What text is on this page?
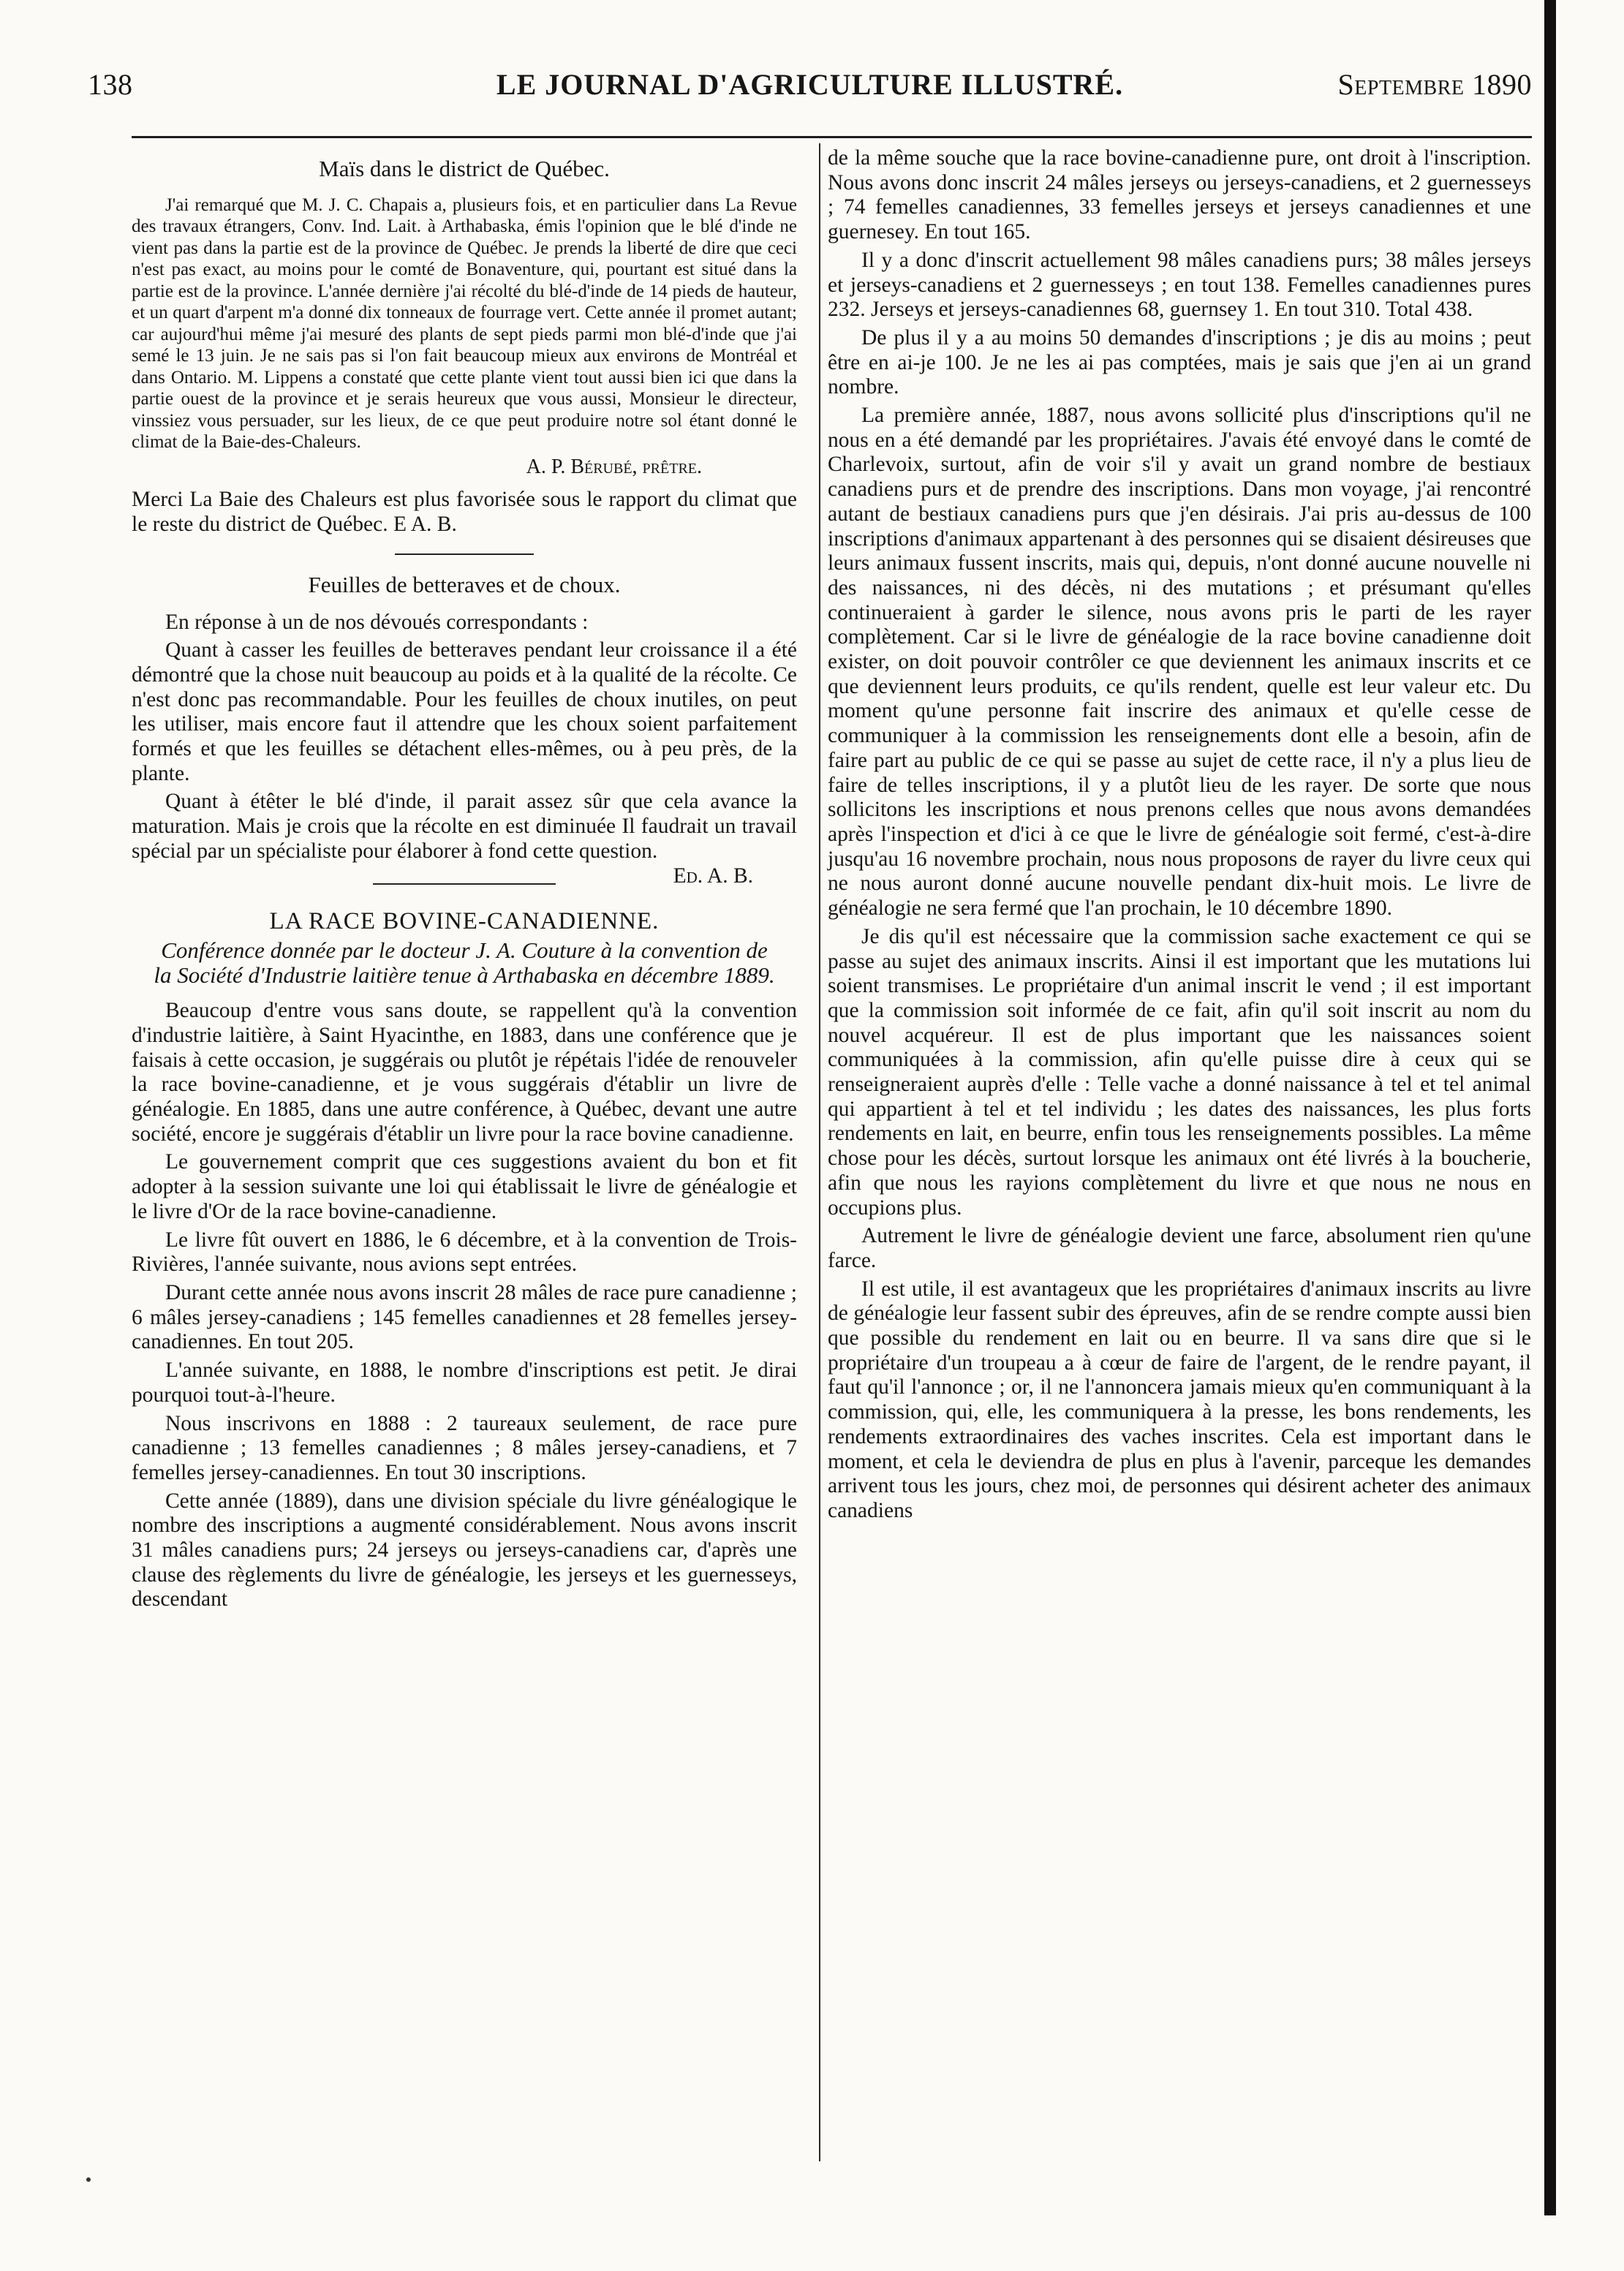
138	LE JOURNAL D'AGRICULTURE ILLUSTRÉ.	Septembre 1890
Maïs dans le district de Québec.

J'ai remarqué que M. J. C. Chapais a, plusieurs fois, et en particulier dans La Revue des travaux étrangers, Conv. Ind. Lait. à Arthabaska, émis l'opinion que le blé d'inde ne vient pas dans la partie est de la province de Québec. Je prends la liberté de dire que ceci n'est pas exact, au moins pour le comté de Bonaventure, qui, pourtant est situé dans la partie est de la province. L'année dernière j'ai récolté du blé-d'inde de 14 pieds de hauteur, et un quart d'arpent m'a donné dix tonneaux de fourrage vert. Cette année il promet autant; car aujourd'hui même j'ai mesuré des plants de sept pieds parmi mon blé-d'inde que j'ai semé le 13 juin. Je ne sais pas si l'on fait beaucoup mieux aux environs de Montréal et dans Ontario. M. Lippens a constaté que cette plante vient tout aussi bien ici que dans la partie ouest de la province et je serais heureux que vous aussi, Monsieur le directeur, vinssiez vous persuader, sur les lieux, de ce que peut produire notre sol étant donné le climat de la Baie-des-Chaleurs.

A. P. Bérubé, prêtre.

Merci La Baie des Chaleurs est plus favorisée sous le rapport du climat que le reste du district de Québec. E A. B.

Feuilles de betteraves et de choux.

En réponse à un de nos dévoués correspondants :

Quant à casser les feuilles de betteraves pendant leur croissance il a été démontré que la chose nuit beaucoup au poids et à la qualité de la récolte. Ce n'est donc pas recommandable. Pour les feuilles de choux inutiles, on peut les utiliser, mais encore faut il attendre que les choux soient parfaitement formés et que les feuilles se détachent elles-mêmes, ou à peu près, de la plante.

Quant à étêter le blé d'inde, il parait assez sûr que cela avance la maturation. Mais je crois que la récolte en est diminuée Il faudrait un travail spécial par un spécialiste pour élaborer à fond cette question.
Ed. A. B.

LA RACE BOVINE-CANADIENNE.
Conférence donnée par le docteur J. A. Couture à la convention de la Société d'Industrie laitière tenue à Arthabaska en décembre 1889.

Beaucoup d'entre vous sans doute, se rappellent qu'à la convention d'industrie laitière, à Saint Hyacinthe, en 1883, dans une conférence que je faisais à cette occasion, je suggérais ou plutôt je répétais l'idée de renouveler la race bovine-canadienne, et je vous suggérais d'établir un livre de généalogie. En 1885, dans une autre conférence, à Québec, devant une autre société, encore je suggérais d'établir un livre pour la race bovine canadienne.

Le gouvernement comprit que ces suggestions avaient du bon et fit adopter à la session suivante une loi qui établissait le livre de généalogie et le livre d'Or de la race bovine-canadienne.

Le livre fût ouvert en 1886, le 6 décembre, et à la convention de Trois-Rivières, l'année suivante, nous avions sept entrées.

Durant cette année nous avons inscrit 28 mâles de race pure canadienne ; 6 mâles jersey-canadiens ; 145 femelles canadiennes et 28 femelles jersey-canadiennes. En tout 205.

L'année suivante, en 1888, le nombre d'inscriptions est petit. Je dirai pourquoi tout-à-l'heure.

Nous inscrivons en 1888 : 2 taureaux seulement, de race pure canadienne ; 13 femelles canadiennes ; 8 mâles jersey-canadiens, et 7 femelles jersey-canadiennes. En tout 30 inscriptions.

Cette année (1889), dans une division spéciale du livre généalogique le nombre des inscriptions a augmenté considérablement. Nous avons inscrit 31 mâles canadiens purs; 24 jerseys ou jerseys-canadiens car, d'après une clause des règlements du livre de généalogie, les jerseys et les guernesseys, descendant

de la même souche que la race bovine-canadienne pure, ont droit à l'inscription. Nous avons donc inscrit 24 mâles jerseys ou jerseys-canadiens, et 2 guernesseys ; 74 femelles canadiennes, 33 femelles jerseys et jerseys canadiennes et une guernesey. En tout 165.

Il y a donc d'inscrit actuellement 98 mâles canadiens purs; 38 mâles jerseys et jerseys-canadiens et 2 guernesseys ; en tout 138. Femelles canadiennes pures 232. Jerseys et jerseys-canadiennes 68, guernsey 1. En tout 310. Total 438.

De plus il y a au moins 50 demandes d'inscriptions ; je dis au moins ; peut être en ai-je 100. Je ne les ai pas comptées, mais je sais que j'en ai un grand nombre.

La première année, 1887, nous avons sollicité plus d'inscriptions qu'il ne nous en a été demandé par les propriétaires. J'avais été envoyé dans le comté de Charlevoix, surtout, afin de voir s'il y avait un grand nombre de bestiaux canadiens purs et de prendre des inscriptions. Dans mon voyage, j'ai rencontré autant de bestiaux canadiens purs que j'en désirais. J'ai pris au-dessus de 100 inscriptions d'animaux appartenant à des personnes qui se disaient désireuses que leurs animaux fussent inscrits, mais qui, depuis, n'ont donné aucune nouvelle ni des naissances, ni des décès, ni des mutations ; et présumant qu'elles continueraient à garder le silence, nous avons pris le parti de les rayer complètement. Car si le livre de généalogie de la race bovine canadienne doit exister, on doit pouvoir contrôler ce que deviennent les animaux inscrits et ce que deviennent leurs produits, ce qu'ils rendent, quelle est leur valeur etc. Du moment qu'une personne fait inscrire des animaux et qu'elle cesse de communiquer à la commission les renseignements dont elle a besoin, afin de faire part au public de ce qui se passe au sujet de cette race, il n'y a plus lieu de faire de telles inscriptions, il y a plutôt lieu de les rayer. De sorte que nous sollicitons les inscriptions et nous prenons celles que nous avons demandées après l'inspection et d'ici à ce que le livre de généalogie soit fermé, c'est-à-dire jusqu'au 16 novembre prochain, nous nous proposons de rayer du livre ceux qui ne nous auront donné aucune nouvelle pendant dix-huit mois. Le livre de généalogie ne sera fermé que l'an prochain, le 10 décembre 1890.

Je dis qu'il est nécessaire que la commission sache exactement ce qui se passe au sujet des animaux inscrits. Ainsi il est important que les mutations lui soient transmises. Le propriétaire d'un animal inscrit le vend ; il est important que la commission soit informée de ce fait, afin qu'il soit inscrit au nom du nouvel acquéreur. Il est de plus important que les naissances soient communiquées à la commission, afin qu'elle puisse dire à ceux qui se renseigneraient auprès d'elle : Telle vache a donné naissance à tel et tel animal qui appartient à tel et tel individu ; les dates des naissances, les plus forts rendements en lait, en beurre, enfin tous les renseignements possibles. La même chose pour les décès, surtout lorsque les animaux ont été livrés à la boucherie, afin que nous les rayions complètement du livre et que nous ne nous en occupions plus.

Autrement le livre de généalogie devient une farce, absolument rien qu'une farce.

Il est utile, il est avantageux que les propriétaires d'animaux inscrits au livre de généalogie leur fassent subir des épreuves, afin de se rendre compte aussi bien que possible du rendement en lait ou en beurre. Il va sans dire que si le propriétaire d'un troupeau a à cœur de faire de l'argent, de le rendre payant, il faut qu'il l'annonce ; or, il ne l'annoncera jamais mieux qu'en communiquant à la commission, qui, elle, les communiquera à la presse, les bons rendements, les rendements extraordinaires des vaches inscrites. Cela est important dans le moment, et cela le deviendra de plus en plus à l'avenir, parceque les demandes arrivent tous les jours, chez moi, de personnes qui désirent acheter des animaux canadiens
